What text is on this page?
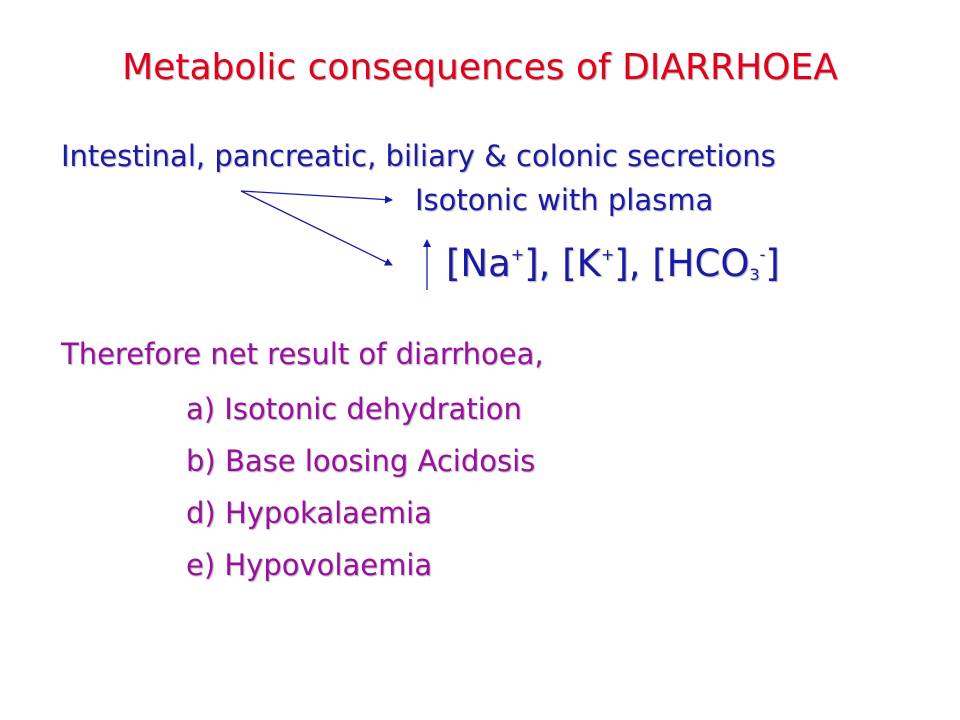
Metabolic consequences of DIARRHOEA
Intestinal, pancreatic, biliary & colonic secretions
Isotonic with plasma
[Na+], [K+], $[HCO_3^-]$
Therefore net result of diarrhoea,
a) Isotonic dehydration
b) Base loosing Acidosis
d) Hypokalaemia
e) Hypovolaemia
